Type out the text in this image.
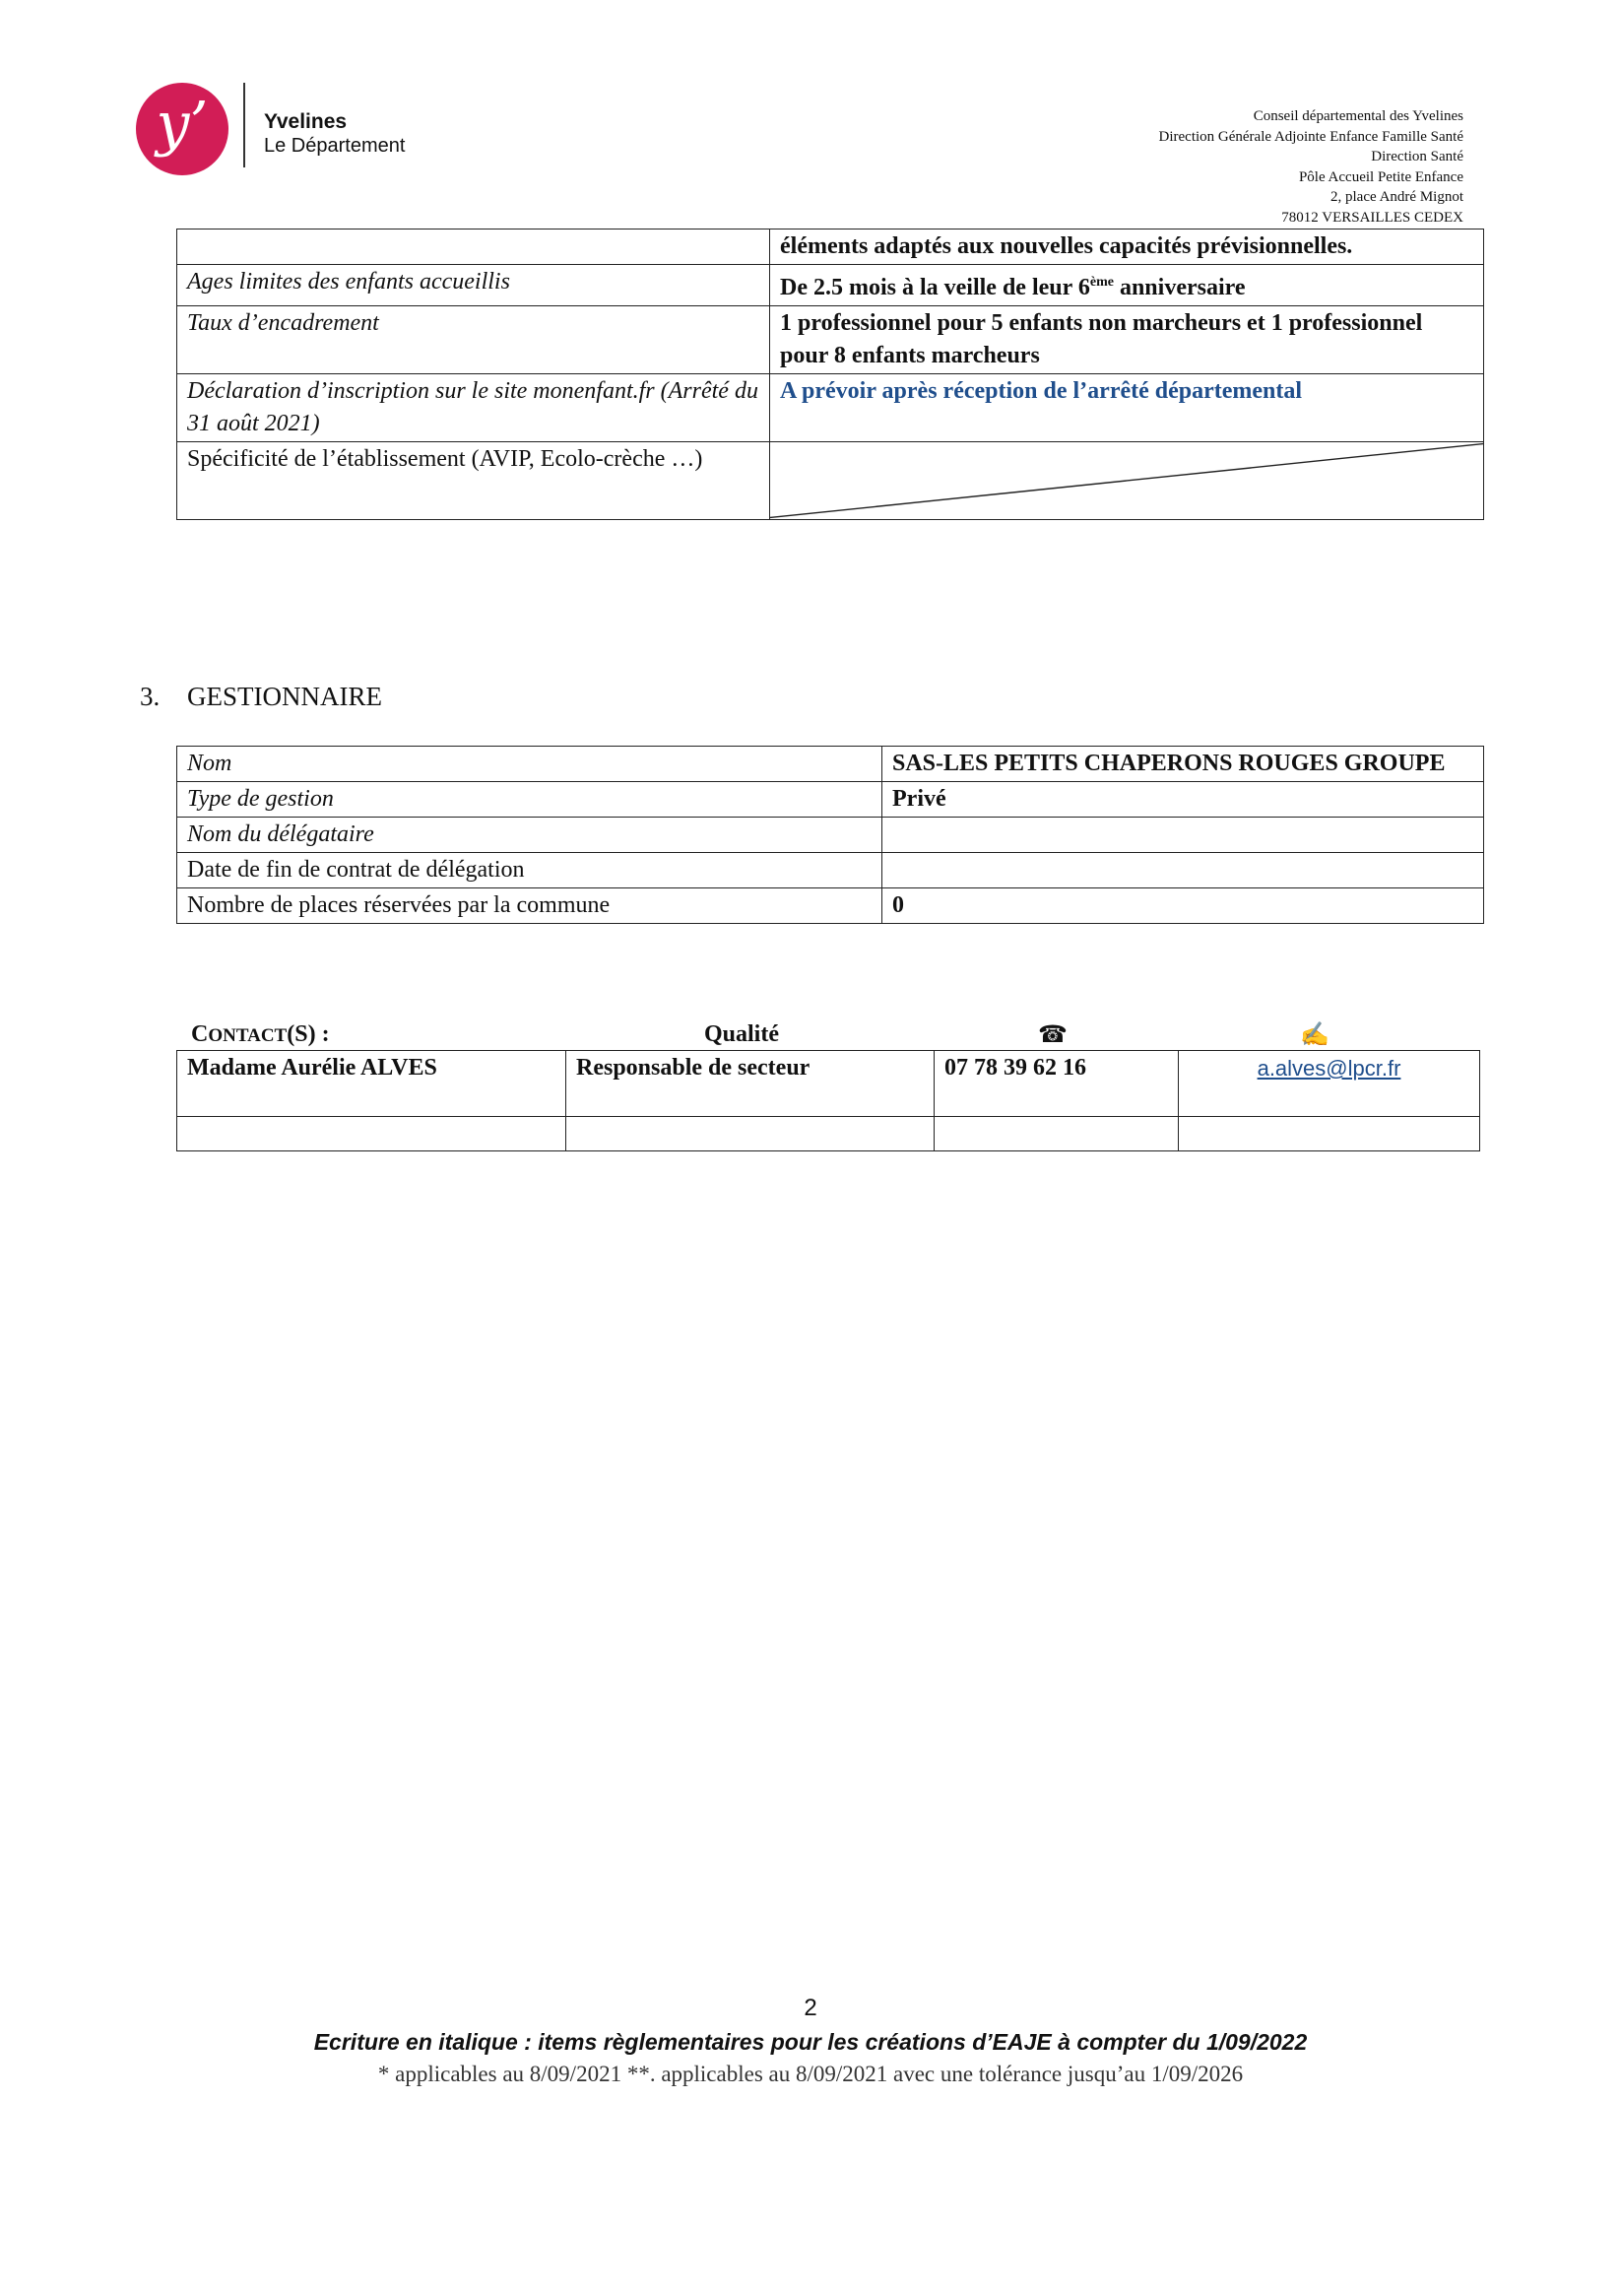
y’	Yvelines
Le Département
Conseil départemental des Yvelines
Direction Générale Adjointe Enfance Famille Santé
Direction Santé
Pôle Accueil Petite Enfance
2, place André Mignot
78012 VERSAILLES CEDEX
	éléments adaptés aux nouvelles capacités prévisionnelles.
Ages limites des enfants accueillis	De 2.5 mois à la veille de leur 6ème anniversaire
Taux d’encadrement	1 professionnel pour 5 enfants non marcheurs et 1 professionnel pour 8 enfants marcheurs
Déclaration d’inscription sur le site monenfant.fr (Arrêté du 31 août 2021)	A prévoir après réception de l’arrêté départemental
Spécificité de l’établissement (AVIP, Ecolo-crèche …)	
3. GESTIONNAIRE
Nom	SAS-LES PETITS CHAPERONS ROUGES GROUPE
Type de gestion	Privé
Nom du délégataire	
Date de fin de contrat de délégation	
Nombre de places réservées par la commune	0
CONTACT(S) :	Qualité	☎	✍
Madame Aurélie ALVES	Responsable de secteur	07 78 39 62 16	a.alves@lpcr.fr

2
Ecriture en italique : items règlementaires pour les créations d’EAJE à compter du 1/09/2022
* applicables au 8/09/2021 **. applicables au 8/09/2021 avec une tolérance jusqu’au 1/09/2026
